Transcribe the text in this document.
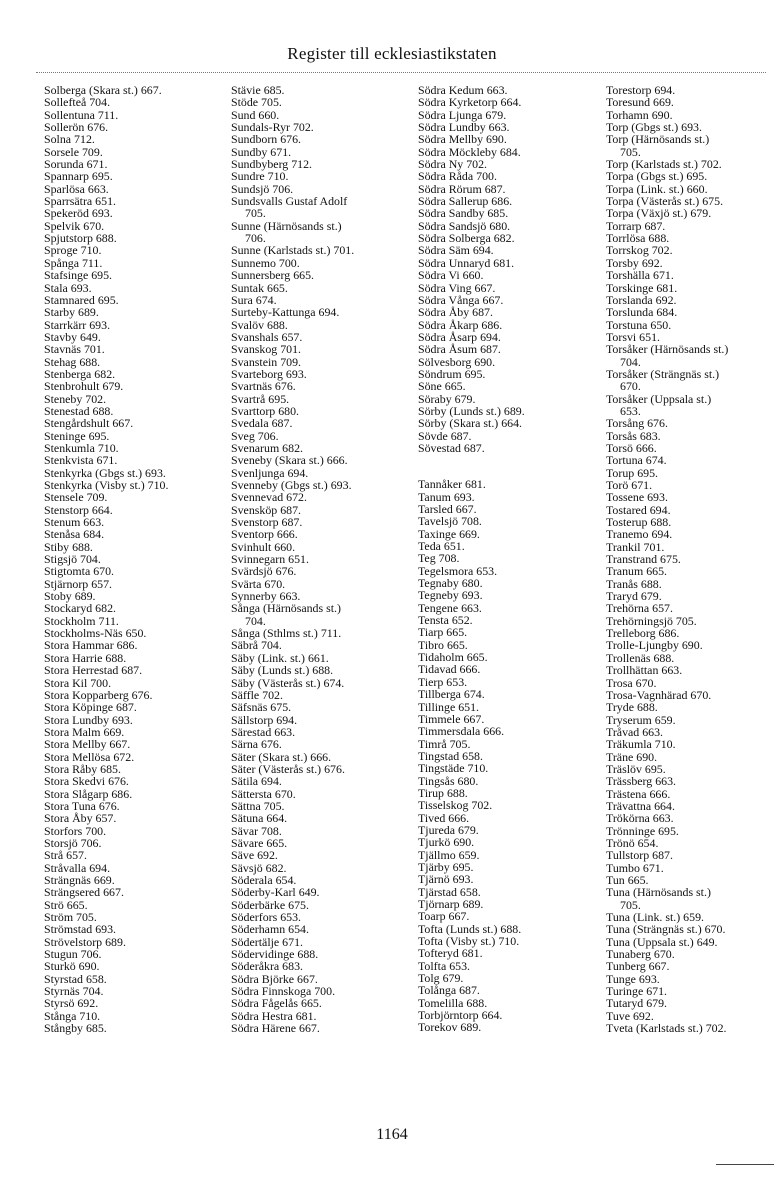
Register till ecklesiastikstaten
Solberga (Skara st.) 667.
Sollefteå 704.
Sollentuna 711.
Sollerön 676.
Solna 712.
Sorsele 709.
Sorunda 671.
Spannarp 695.
Sparlösa 663.
Sparrsätra 651.
Spekeröd 693.
Spelvik 670.
Spjutstorp 688.
Sproge 710.
Spånga 711.
Stafsinge 695.
Stala 693.
Stamnared 695.
Starby 689.
Starrkärr 693.
Stavby 649.
Stavnäs 701.
Stehag 688.
Stenberga 682.
Stenbrohult 679.
Steneby 702.
Stenestad 688.
Stengårdshult 667.
Steninge 695.
Stenkumla 710.
Stenkvista 671.
Stenkyrka (Gbgs st.) 693.
Stenkyrka (Visby st.) 710.
Stensele 709.
Stenstorp 664.
Stenum 663.
Stenåsa 684.
Stiby 688.
Stigsjö 704.
Stigtomta 670.
Stjärnorp 657.
Stoby 689.
Stockaryd 682.
Stockholm 711.
Stockholms-Näs 650.
Stora Hammar 686.
Stora Harrie 688.
Stora Herrestad 687.
Stora Kil 700.
Stora Kopparberg 676.
Stora Köpinge 687.
Stora Lundby 693.
Stora Malm 669.
Stora Mellby 667.
Stora Mellösa 672.
Stora Råby 685.
Stora Skedvi 676.
Stora Slågarp 686.
Stora Tuna 676.
Stora Åby 657.
Storfors 700.
Storsjö 706.
Strå 657.
Stråvalla 694.
Strängnäs 669.
Strängsered 667.
Strö 665.
Ström 705.
Strömstad 693.
Strövelstorp 689.
Stugun 706.
Sturkö 690.
Styrstad 658.
Styrnäs 704.
Styrsö 692.
Stånga 710.
Stångby 685.
Stävie 685.
Stöde 705.
Sund 660.
Sundals-Ryr 702.
Sundborn 676.
Sundby 671.
Sundbyberg 712.
Sundre 710.
Sundsjö 706.
Sundsvalls Gustaf Adolf
705.
Sunne (Härnösands st.)
706.
Sunne (Karlstads st.) 701.
Sunnemo 700.
Sunnersberg 665.
Suntak 665.
Sura 674.
Surteby-Kattunga 694.
Svalöv 688.
Svanshals 657.
Svanskog 701.
Svanstein 709.
Svarteborg 693.
Svartnäs 676.
Svartrå 695.
Svarttorp 680.
Svedala 687.
Sveg 706.
Svenarum 682.
Sveneby (Skara st.) 666.
Svenljunga 694.
Svenneby (Gbgs st.) 693.
Svennevad 672.
Svensköp 687.
Svenstorp 687.
Sventorp 666.
Svinhult 660.
Svinnegarn 651.
Svärdsjö 676.
Svärta 670.
Synnerby 663.
Sånga (Härnösands st.)
704.
Sånga (Sthlms st.) 711.
Säbrå 704.
Säby (Link. st.) 661.
Säby (Lunds st.) 688.
Säby (Västerås st.) 674.
Säffle 702.
Säfsnäs 675.
Sällstorp 694.
Särestad 663.
Särna 676.
Säter (Skara st.) 666.
Säter (Västerås st.) 676.
Sätila 694.
Sättersta 670.
Sättna 705.
Sätuna 664.
Sävar 708.
Sävare 665.
Säve 692.
Sävsjö 682.
Söderala 654.
Söderby-Karl 649.
Söderbärke 675.
Söderfors 653.
Söderhamn 654.
Södertälje 671.
Södervidinge 688.
Söderåkra 683.
Södra Björke 667.
Södra Finnskoga 700.
Södra Fågelås 665.
Södra Hestra 681.
Södra Härene 667.
Södra Kedum 663.
Södra Kyrketorp 664.
Södra Ljunga 679.
Södra Lundby 663.
Södra Mellby 690.
Södra Möckleby 684.
Södra Ny 702.
Södra Råda 700.
Södra Rörum 687.
Södra Sallerup 686.
Södra Sandby 685.
Södra Sandsjö 680.
Södra Solberga 682.
Södra Säm 694.
Södra Unnaryd 681.
Södra Vi 660.
Södra Ving 667.
Södra Vånga 667.
Södra Åby 687.
Södra Åkarp 686.
Södra Åsarp 694.
Södra Åsum 687.
Sölvesborg 690.
Söndrum 695.
Söne 665.
Söraby 679.
Sörby (Lunds st.) 689.
Sörby (Skara st.) 664.
Sövde 687.
Sövestad 687.
Tannåker 681.
Tanum 693.
Tarsled 667.
Tavelsjö 708.
Taxinge 669.
Teda 651.
Teg 708.
Tegelsmora 653.
Tegnaby 680.
Tegneby 693.
Tengene 663.
Tensta 652.
Tiarp 665.
Tibro 665.
Tidaholm 665.
Tidavad 666.
Tierp 653.
Tillberga 674.
Tillinge 651.
Timmele 667.
Timmersdala 666.
Timrå 705.
Tingstad 658.
Tingstäde 710.
Tingsås 680.
Tirup 688.
Tisselskog 702.
Tived 666.
Tjureda 679.
Tjurkö 690.
Tjällmo 659.
Tjärby 695.
Tjärnö 693.
Tjärstad 658.
Tjörnarp 689.
Toarp 667.
Tofta (Lunds st.) 688.
Tofta (Visby st.) 710.
Tofteryd 681.
Tolfta 653.
Tolg 679.
Tolånga 687.
Tomelilla 688.
Torbjörntorp 664.
Torekov 689.
Torestorp 694.
Toresund 669.
Torhamn 690.
Torp (Gbgs st.) 693.
Torp (Härnösands st.)
705.
Torp (Karlstads st.) 702.
Torpa (Gbgs st.) 695.
Torpa (Link. st.) 660.
Torpa (Västerås st.) 675.
Torpa (Växjö st.) 679.
Torrarp 687.
Torrlösa 688.
Torrskog 702.
Torsby 692.
Torshälla 671.
Torskinge 681.
Torslanda 692.
Torslunda 684.
Torstuna 650.
Torsvi 651.
Torsåker (Härnösands st.)
704.
Torsåker (Strängnäs st.)
670.
Torsåker (Uppsala st.)
653.
Torsång 676.
Torsås 683.
Torsö 666.
Tortuna 674.
Torup 695.
Torö 671.
Tossene 693.
Tostared 694.
Tosterup 688.
Tranemo 694.
Trankil 701.
Transtrand 675.
Tranum 665.
Tranås 688.
Traryd 679.
Trehörna 657.
Trehörningsjö 705.
Trelleborg 686.
Trolle-Ljungby 690.
Trollenäs 688.
Trollhättan 663.
Trosa 670.
Trosa-Vagnhärad 670.
Tryde 688.
Tryserum 659.
Tråvad 663.
Träkumla 710.
Träne 690.
Träslöv 695.
Trässberg 663.
Trästena 666.
Trävattna 664.
Trökörna 663.
Trönninge 695.
Trönö 654.
Tullstorp 687.
Tumbo 671.
Tun 665.
Tuna (Härnösands st.)
705.
Tuna (Link. st.) 659.
Tuna (Strängnäs st.) 670.
Tuna (Uppsala st.) 649.
Tunaberg 670.
Tunberg 667.
Tunge 693.
Turinge 671.
Tutaryd 679.
Tuve 692.
Tveta (Karlstads st.) 702.
1164
